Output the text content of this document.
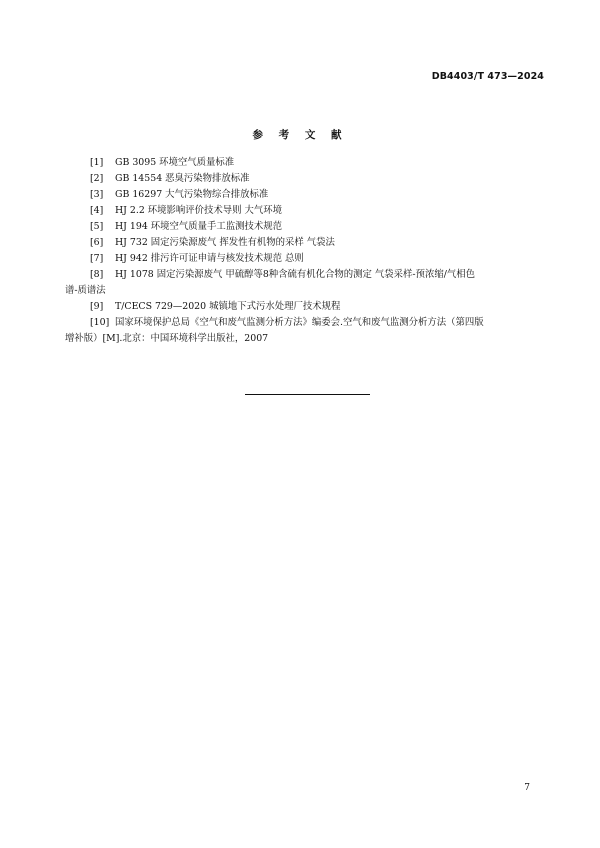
DB4403/T 473—2024
参 考 文 献
[1] GB 3095 环境空气质量标准
[2] GB 14554 恶臭污染物排放标准
[3] GB 16297 大气污染物综合排放标准
[4] HJ 2.2 环境影响评价技术导则 大气环境
[5] HJ 194 环境空气质量手工监测技术规范
[6] HJ 732 固定污染源废气 挥发性有机物的采样 气袋法
[7] HJ 942 排污许可证申请与核发技术规范 总则
[8] HJ 1078 固定污染源废气 甲硫醇等8种含硫有机化合物的测定 气袋采样-预浓缩/气相色
谱-质谱法
[9] T/CECS 729—2020 城镇地下式污水处理厂技术规程
[10] 国家环境保护总局《空气和废气监测分析方法》编委会.空气和废气监测分析方法（第四版
增补版）[M].北京：中国环境科学出版社，2007
7
